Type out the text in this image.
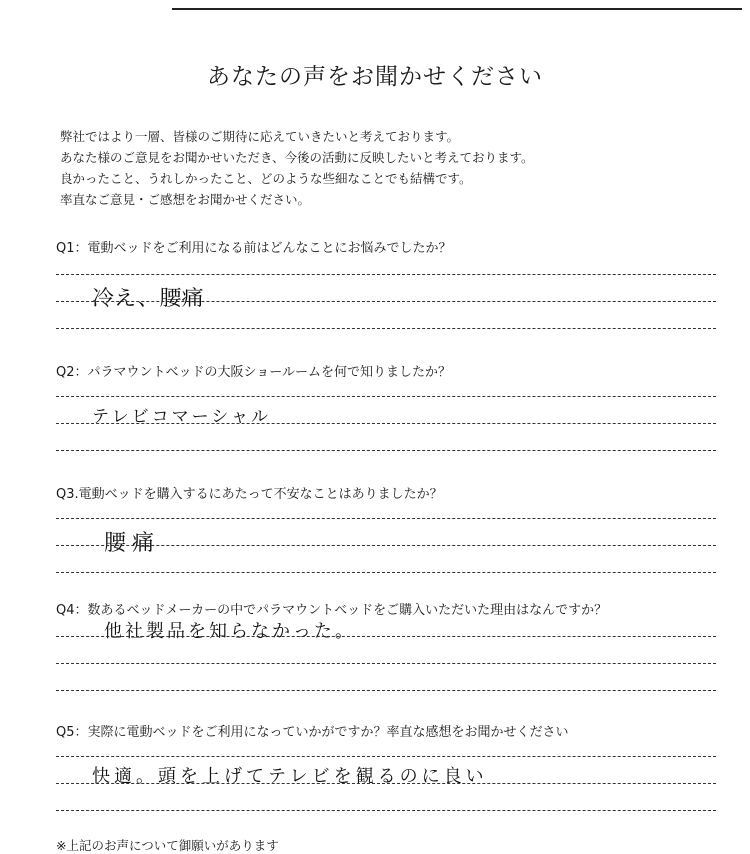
あなたの声をお聞かせください

弊社ではより一層、皆様のご期待に応えていきたいと考えております。

あなた様のご意見をお聞かせいただき、今後の活動に反映したいと考えております。

良かったこと、うれしかったこと、どのような些細なことでも結構です。

率直なご意見・ご感想をお聞かせください。

Q1：電動ベッドをご利用になる前はどんなことにお悩みでしたか？
冷え、腰痛
Q2：パラマウントベッドの大阪ショールームを何で知りましたか？
テレビコマーシャル
Q3.電動ベッドを購入するにあたって不安なことはありましたか？
腰痛
Q4：数あるベッドメーカーの中でパラマウントベッドをご購入いただいた理由はなんですか？
他社製品を知らなかった。
Q5：実際に電動ベッドをご利用になっていかがですか？率直な感想をお聞かせください
快適。頭を上げてテレビを観るのに良い
※上記のお声について御願いがあります
